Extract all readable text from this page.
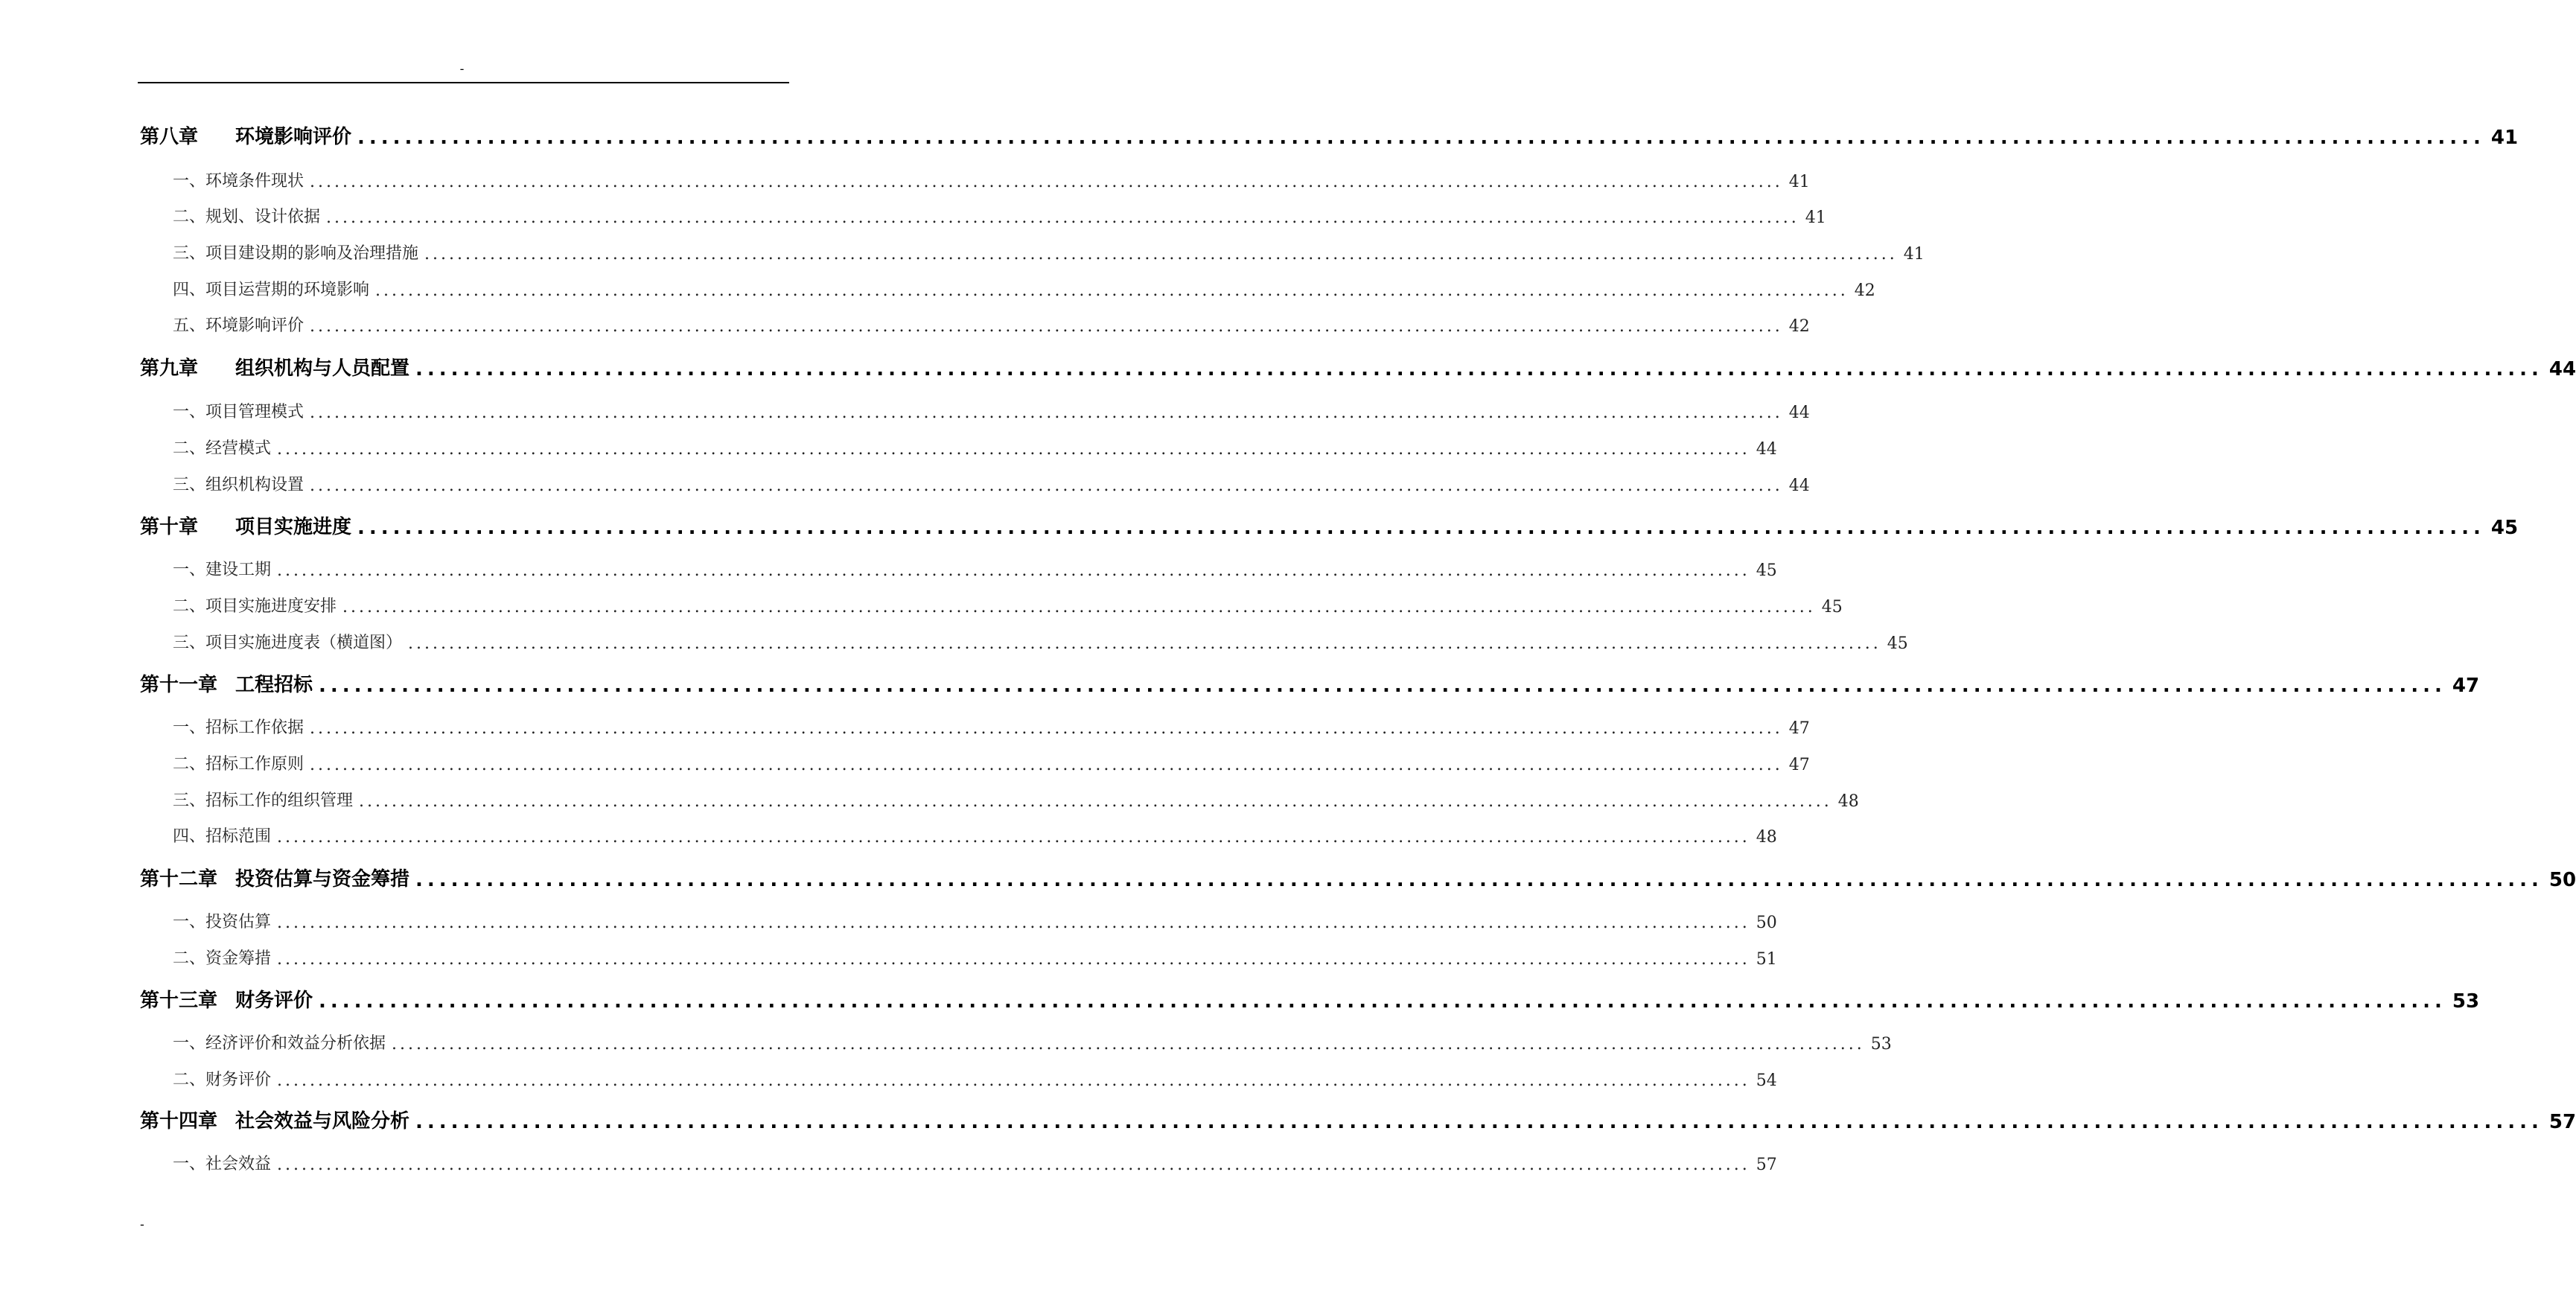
-
第八章 环境影响评价 .................................................................................................................................................................................... 41
一、环境条件现状 .................................................................................................................................................................................... 41
二、规划、设计依据 .................................................................................................................................................................................... 41
三、项目建设期的影响及治理措施 .................................................................................................................................................................................... 41
四、项目运营期的环境影响 .................................................................................................................................................................................... 42
五、环境影响评价 .................................................................................................................................................................................... 42
第九章 组织机构与人员配置 .................................................................................................................................................................................... 44
一、项目管理模式 .................................................................................................................................................................................... 44
二、经营模式 .................................................................................................................................................................................... 44
三、组织机构设置 .................................................................................................................................................................................... 44
第十章 项目实施进度 .................................................................................................................................................................................... 45
一、建设工期 .................................................................................................................................................................................... 45
二、项目实施进度安排 .................................................................................................................................................................................... 45
三、项目实施进度表（横道图） .................................................................................................................................................................................... 45
第十一章 工程招标 .................................................................................................................................................................................... 47
一、招标工作依据 .................................................................................................................................................................................... 47
二、招标工作原则 .................................................................................................................................................................................... 47
三、招标工作的组织管理 .................................................................................................................................................................................... 48
四、招标范围 .................................................................................................................................................................................... 48
第十二章 投资估算与资金筹措 .................................................................................................................................................................................... 50
一、投资估算 .................................................................................................................................................................................... 50
二、资金筹措 .................................................................................................................................................................................... 51
第十三章 财务评价 .................................................................................................................................................................................... 53
一、经济评价和效益分析依据 .................................................................................................................................................................................... 53
二、财务评价 .................................................................................................................................................................................... 54
第十四章 社会效益与风险分析 .................................................................................................................................................................................... 57
一、社会效益 .................................................................................................................................................................................... 57
-
